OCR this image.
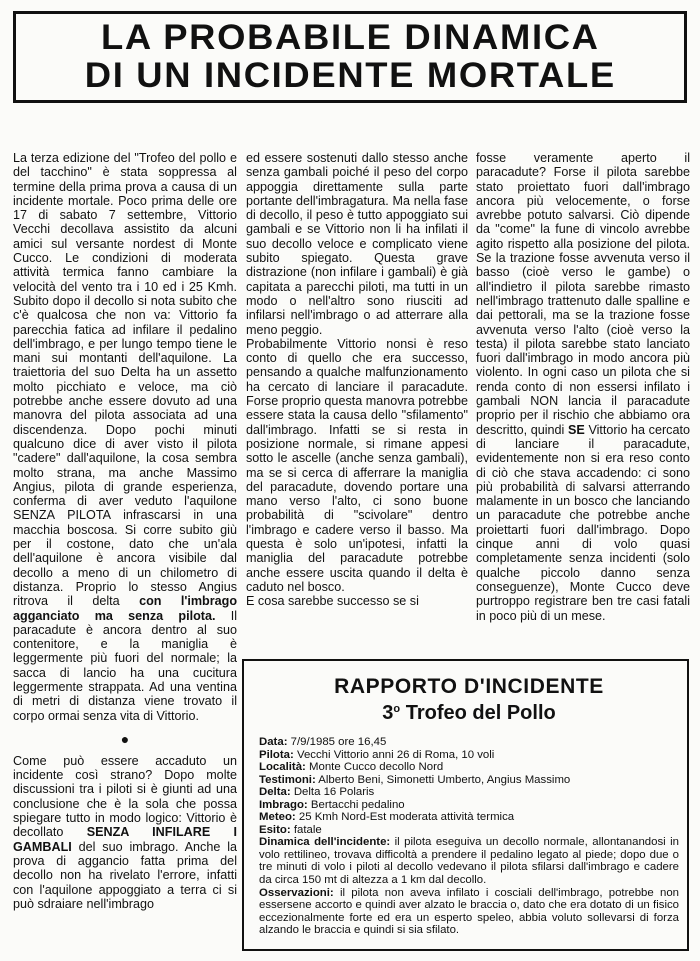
LA PROBABILE DINAMICA
DI UN INCIDENTE MORTALE

La terza edizione del "Trofeo del pollo e del tacchino" è stata soppressa al termine della prima prova a causa di un incidente mortale. Poco prima delle ore 17 di sabato 7 settembre, Vittorio Vecchi decollava assistito da alcuni amici sul versante nordest di Monte Cucco. Le condizioni di moderata attività termica fanno cambiare la velocità del vento tra i 10 ed i 25 Kmh. Subito dopo il decollo si nota subito che c'è qualcosa che non va: Vittorio fa parecchia fatica ad infilare il pedalino dell'imbrago, e per lungo tempo tiene le mani sui montanti dell'aquilone. La traiettoria del suo Delta ha un assetto molto picchiato e veloce, ma ciò potrebbe anche essere dovuto ad una manovra del pilota associata ad una discendenza. Dopo pochi minuti qualcuno dice di aver visto il pilota "cadere" dall'aquilone, la cosa sembra molto strana, ma anche Massimo Angius, pilota di grande esperienza, conferma di aver veduto l'aquilone SENZA PILOTA infrascarsi in una macchia boscosa. Si corre subito giù per il costone, dato che un'ala dell'aquilone è ancora visibile dal decollo a meno di un chilometro di distanza. Proprio lo stesso Angius ritrova il delta con l'imbrago agganciato ma senza pilota. Il paracadute è ancora dentro al suo contenitore, e la maniglia è leggermente più fuori del normale; la sacca di lancio ha una cucitura leggermente strappata. Ad una ventina di metri di distanza viene trovato il corpo ormai senza vita di Vittorio.

●

Come può essere accaduto un incidente così strano? Dopo molte discussioni tra i piloti si è giunti ad una conclusione che è la sola che possa spiegare tutto in modo logico: Vittorio è decollato SENZA INFILARE I GAMBALI del suo imbrago. Anche la prova di aggancio fatta prima del decollo non ha rivelato l'errore, infatti con l'aquilone appoggiato a terra ci si può sdraiare nell'imbrago

ed essere sostenuti dallo stesso anche senza gambali poiché il peso del corpo appoggia direttamente sulla parte portante dell'imbragatura. Ma nella fase di decollo, il peso è tutto appoggiato sui gambali e se Vittorio non li ha infilati il suo decollo veloce e complicato viene subito spiegato. Questa grave distrazione (non infilare i gambali) è già capitata a parecchi piloti, ma tutti in un modo o nell'altro sono riusciti ad infilarsi nell'imbrago o ad atterrare alla meno peggio.

Probabilmente Vittorio nonsi è reso conto di quello che era successo, pensando a qualche malfunzionamento ha cercato di lanciare il paracadute. Forse proprio questa manovra potrebbe essere stata la causa dello "sfilamento" dall'imbrago. Infatti se si resta in posizione normale, si rimane appesi sotto le ascelle (anche senza gambali), ma se si cerca di afferrare la maniglia del paracadute, dovendo portare una mano verso l'alto, ci sono buone probabilità di "scivolare" dentro l'imbrago e cadere verso il basso. Ma questa è solo un'ipotesi, infatti la maniglia del paracadute potrebbe anche essere uscita quando il delta è caduto nel bosco.

E cosa sarebbe successo se si

fosse veramente aperto il paracadute? Forse il pilota sarebbe stato proiettato fuori dall'imbrago ancora più velocemente, o forse avrebbe potuto salvarsi. Ciò dipende da "come" la fune di vincolo avrebbe agito rispetto alla posizione del pilota. Se la trazione fosse avvenuta verso il basso (cioè verso le gambe) o all'indietro il pilota sarebbe rimasto nell'imbrago trattenuto dalle spalline e dai pettorali, ma se la trazione fosse avvenuta verso l'alto (cioè verso la testa) il pilota sarebbe stato lanciato fuori dall'imbrago in modo ancora più violento. In ogni caso un pilota che si renda conto di non essersi infilato i gambali NON lancia il paracadute proprio per il rischio che abbiamo ora descritto, quindi SE Vittorio ha cercato di lanciare il paracadute, evidentemente non si era reso conto di ciò che stava accadendo: ci sono più probabilità di salvarsi atterrando malamente in un bosco che lanciando un paracadute che potrebbe anche proiettarti fuori dall'imbrago. Dopo cinque anni di volo quasi completamente senza incidenti (solo qualche piccolo danno senza conseguenze), Monte Cucco deve purtroppo registrare ben tre casi fatali in poco più di un mese.

RAPPORTO D'INCIDENTE
3$^o$ Trofeo del Pollo

Data: 7/9/1985 ore 16,45

Pilota: Vecchi Vittorio anni 26 di Roma, 10 voli

Località: Monte Cucco decollo Nord

Testimoni: Alberto Beni, Simonetti Umberto, Angius Massimo

Delta: Delta 16 Polaris

Imbrago: Bertacchi pedalino

Meteo: 25 Kmh Nord-Est moderata attività termica

Esito: fatale

Dinamica dell'incidente: il pilota eseguiva un decollo normale, allontanandosi in volo rettilineo, trovava difficoltà a prendere il pedalino legato al piede; dopo due o tre minuti di volo i piloti al decollo vedevano il pilota sfilarsi dall'imbrago e cadere da circa 150 mt di altezza a 1 km dal decollo.

Osservazioni: il pilota non aveva infilato i cosciali dell'imbrago, potrebbe non essersene accorto e quindi aver alzato le braccia o, dato che era dotato di un fisico eccezionalmente forte ed era un esperto speleo, abbia voluto sollevarsi di forza alzando le braccia e quindi si sia sfilato.
